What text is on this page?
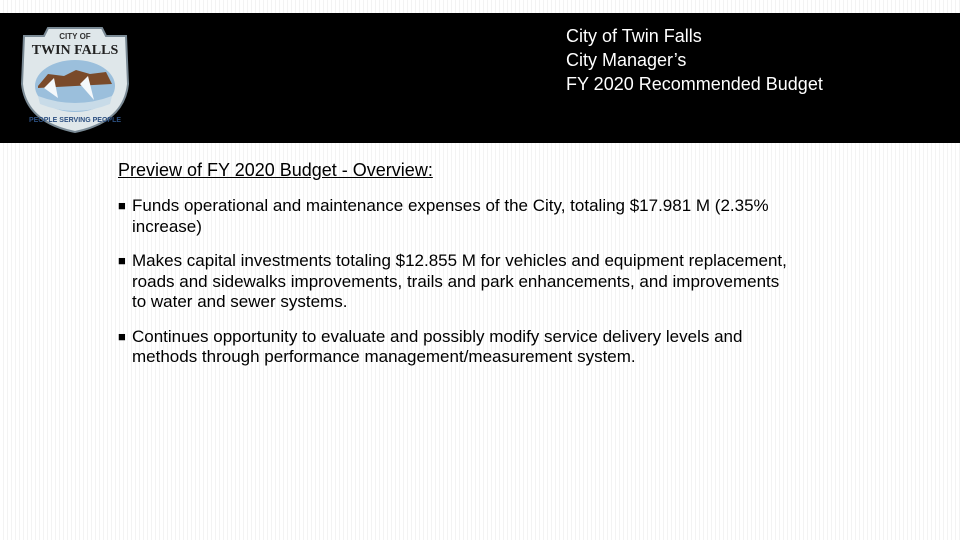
CITY OF
TWIN FALLS
PEOPLE SERVING PEOPLE
City of Twin Falls
City Manager’s
FY 2020 Recommended Budget
Preview of FY 2020 Budget - Overview:
■ Funds operational and maintenance expenses of the City, totaling $17.981 M (2.35% increase)
■ Makes capital investments totaling $12.855 M for vehicles and equipment replacement, roads and sidewalks improvements, trails and park enhancements, and improvements to water and sewer systems.
■ Continues opportunity to evaluate and possibly modify service delivery levels and methods through performance management/measurement system.
